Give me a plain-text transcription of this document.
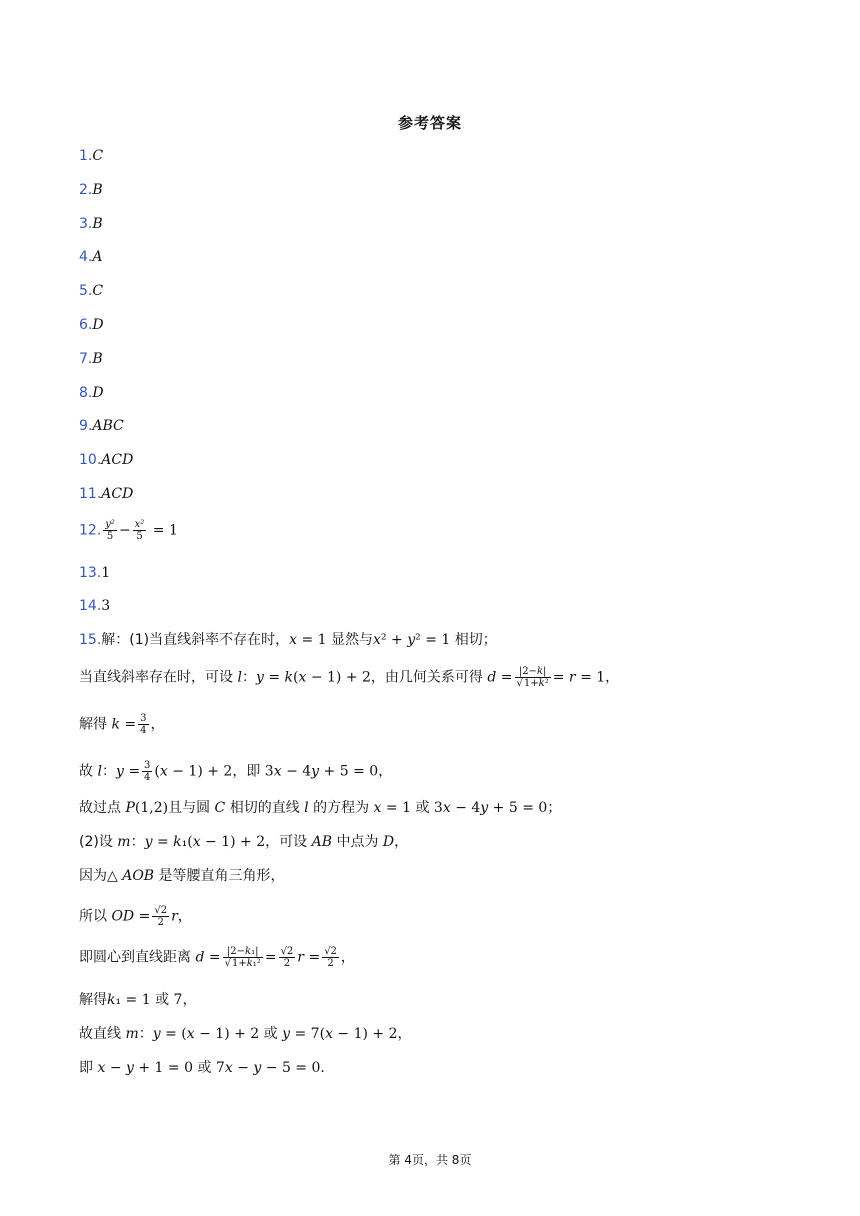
参考答案
1.C
2.B
3.B
4.A
5.C
6.D
7.B
8.D
9.ABC
10.ACD
11.ACD
12. $\frac{\text{y²}}{5} - \frac{\text{x²}}{5} = 1$
13.1
14.3
15.解：(1)当直线斜率不存在时，x = 1 显然与x² + y² = 1 相切；
当直线斜率存在时，可设 l：y = k(x − 1) + 2，由几何关系可得 $d = \frac{|2-k|}{\text{√1+k²}} = r = 1$，
解得 $k = \frac{3}{4}$ ，
故 l：$y = \frac{3}{4} (x - 1) + 2$，即 3x − 4y + 5 = 0，
故过点 P(1,2)且与圆 C 相切的直线 l 的方程为 x = 1 或 3x − 4y + 5 = 0；
(2)设 m：y = k₁(x − 1) + 2，可设 AB 中点为 D，
因为△ AOB 是等腰直角三角形，
所以 OD = $\frac{√2}{2}$ r，
即圆心到直线距离 $d = \frac{\text{|2−k₁|}}{\text{√1+k₁²}} = \frac{√2}{2}$ $r = \frac{√2}{2}$ ，
解得k₁ = 1 或 7，
故直线 m：y = (x − 1) + 2 或 y = 7(x − 1) + 2，
即 x − y + 1 = 0 或 7x − y − 5 = 0．
第 4页，共 8页
